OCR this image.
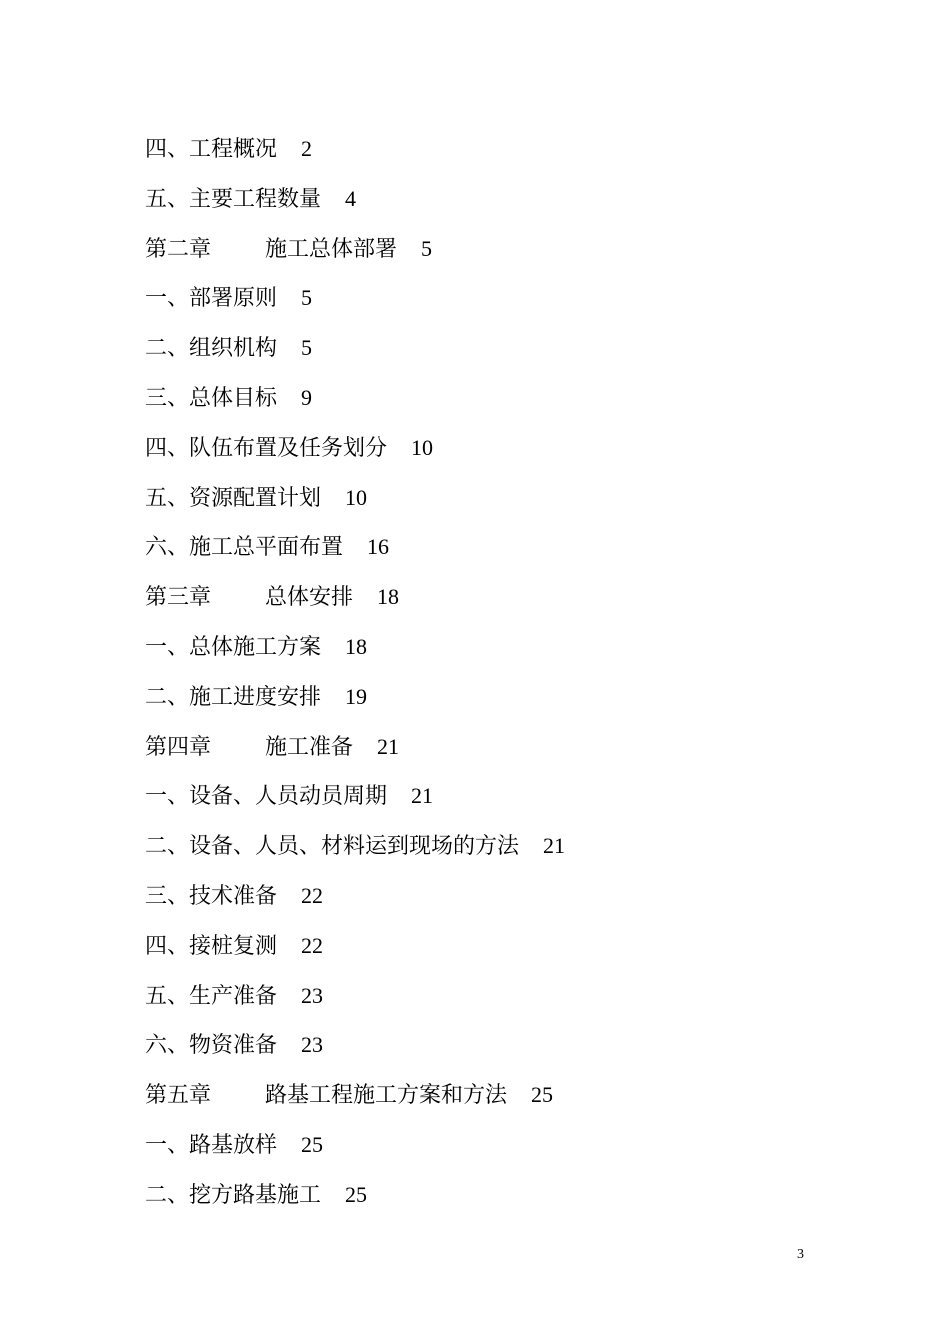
四、工程概况 2
五、主要工程数量 4
第二章 施工总体部署 5
一、部署原则 5
二、组织机构 5
三、总体目标 9
四、队伍布置及任务划分 10
五、资源配置计划 10
六、施工总平面布置 16
第三章 总体安排 18
一、总体施工方案 18
二、施工进度安排 19
第四章 施工准备 21
一、设备、人员动员周期 21
二、设备、人员、材料运到现场的方法 21
三、技术准备 22
四、接桩复测 22
五、生产准备 23
六、物资准备 23
第五章 路基工程施工方案和方法 25
一、路基放样 25
二、挖方路基施工 25
3
